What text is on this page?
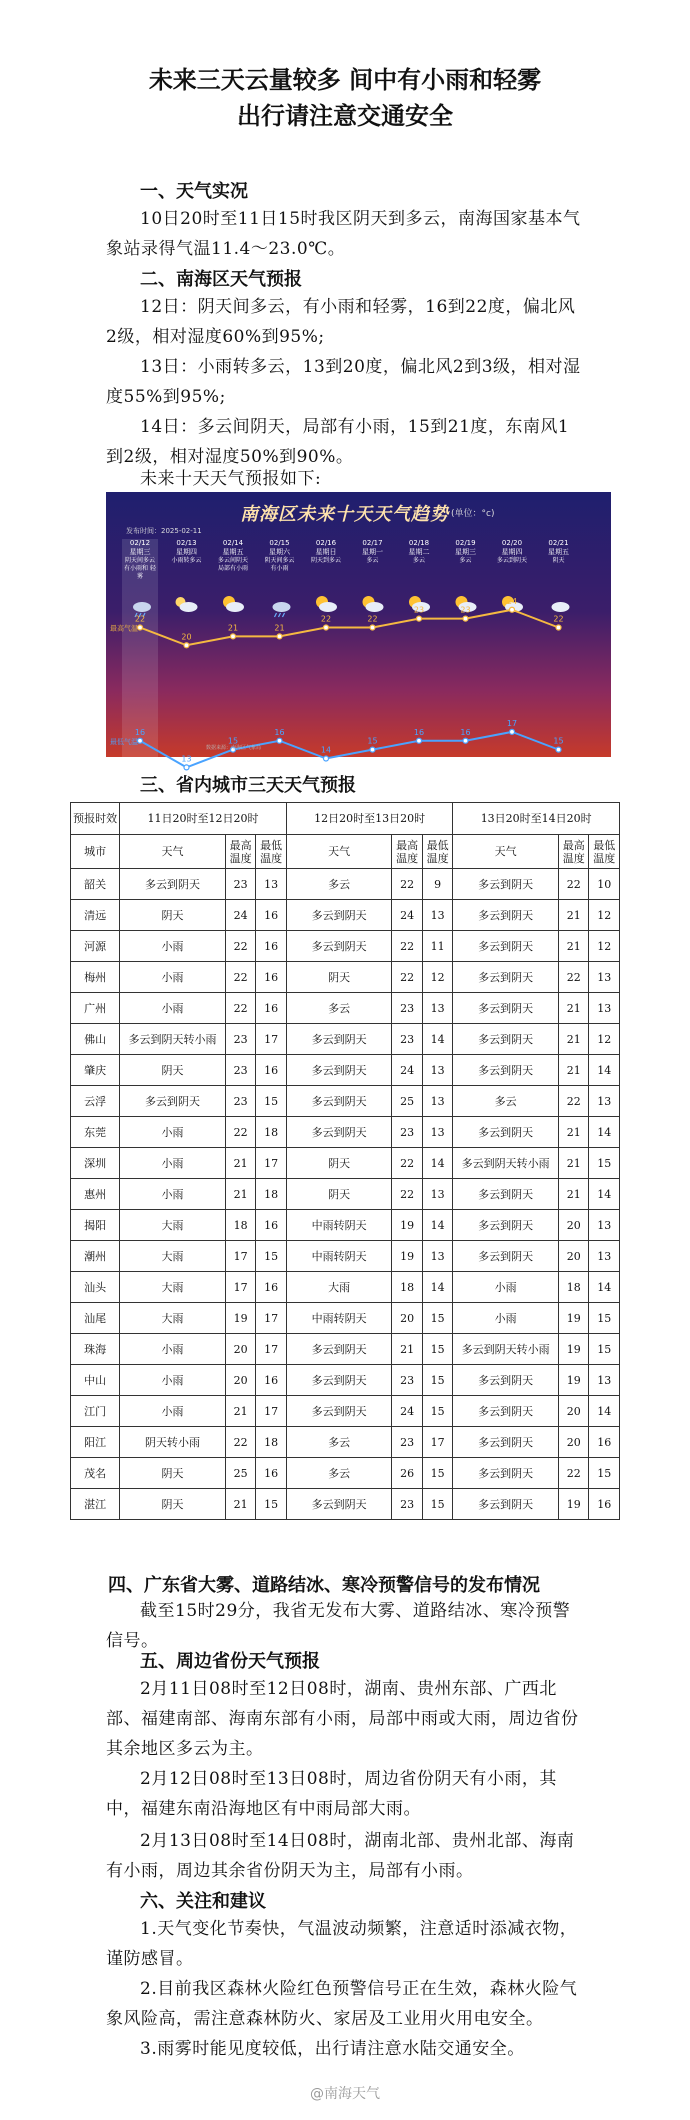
未来三天云量较多 间中有小雨和轻雾
出行请注意交通安全
一、天气实况
10日20时至11日15时我区阴天到多云，南海国家基本气象站录得气温11.4～23.0℃。
二、南海区天气预报
12日：阴天间多云，有小雨和轻雾，16到22度，偏北风2级，相对湿度60%到95%;
13日：小雨转多云，13到20度，偏北风2到3级，相对湿度55%到95%;
14日：多云间阴天，局部有小雨，15到21度，东南风1到2级，相对湿度50%到90%。
未来十天天气预报如下:
南海区未来十天天气趋势 (单位：°c)
发布时间：2025-02-11
02/12
星期三
阴天间多云 有小雨和 轻雾
02/13
星期四
小雨转多云
02/14
星期五
多云间阴天 局部有小雨
02/15
星期六
阴天间多云 有小雨
02/16
星期日
阴天到多云
02/17
星期一
多云
02/18
星期二
多云
02/19
星期三
多云
02/20
星期四
多云到阴天
02/21
星期五
阴天
22
20
21	21
22	22
23	23
24
22
最高气温
16
13
15
16
14
15
16	16
17
15
最低气温
数据来源：南海区气象局
三、省内城市三天天气预报
预报时效	11日20时至12日20时			12日20时至13日20时			13日20时至14日20时		
城市	天气	最高温度	最低温度	天气	最高温度	最低温度	天气	最高温度	最低温度
韶关	多云到阴天	23	13	多云	22	9	多云到阴天	22	10
清远	阴天	24	16	多云到阴天	24	13	多云到阴天	21	12
河源	小雨	22	16	多云到阴天	22	11	多云到阴天	21	12
梅州	小雨	22	16	阴天	22	12	多云到阴天	22	13
广州	小雨	22	16	多云	23	13	多云到阴天	21	13
佛山	多云到阴天转小雨	23	17	多云到阴天	23	14	多云到阴天	21	12
肇庆	阴天	23	16	多云到阴天	24	13	多云到阴天	21	14
云浮	多云到阴天	23	15	多云到阴天	25	13	多云	22	13
东莞	小雨	22	18	多云到阴天	23	13	多云到阴天	21	14
深圳	小雨	21	17	阴天	22	14	多云到阴天转小雨	21	15
惠州	小雨	21	18	阴天	22	13	多云到阴天	21	14
揭阳	大雨	18	16	中雨转阴天	19	14	多云到阴天	20	13
潮州	大雨	17	15	中雨转阴天	19	13	多云到阴天	20	13
汕头	大雨	17	16	大雨	18	14	小雨	18	14
汕尾	大雨	19	17	中雨转阴天	20	15	小雨	19	15
珠海	小雨	20	17	多云到阴天	21	15	多云到阴天转小雨	19	15
中山	小雨	20	16	多云到阴天	23	15	多云到阴天	19	13
江门	小雨	21	17	多云到阴天	24	15	多云到阴天	20	14
阳江	阴天转小雨	22	18	多云	23	17	多云到阴天	20	16
茂名	阴天	25	16	多云	26	15	多云到阴天	22	15
湛江	阴天	21	15	多云到阴天	23	15	多云到阴天	19	16
四、广东省大雾、道路结冰、寒冷预警信号的发布情况
截至15时29分，我省无发布大雾、道路结冰、寒冷预警信号。
五、周边省份天气预报
2月11日08时至12日08时，湖南、贵州东部、广西北部、福建南部、海南东部有小雨，局部中雨或大雨，周边省份其余地区多云为主。
2月12日08时至13日08时，周边省份阴天有小雨，其中，福建东南沿海地区有中雨局部大雨。
2月13日08时至14日08时，湖南北部、贵州北部、海南有小雨，周边其余省份阴天为主，局部有小雨。
六、关注和建议
1.天气变化节奏快，气温波动频繁，注意适时添减衣物，谨防感冒。
2.目前我区森林火险红色预警信号正在生效，森林火险气象风险高，需注意森林防火、家居及工业用火用电安全。
3.雨雾时能见度较低，出行请注意水陆交通安全。
@南海天气
